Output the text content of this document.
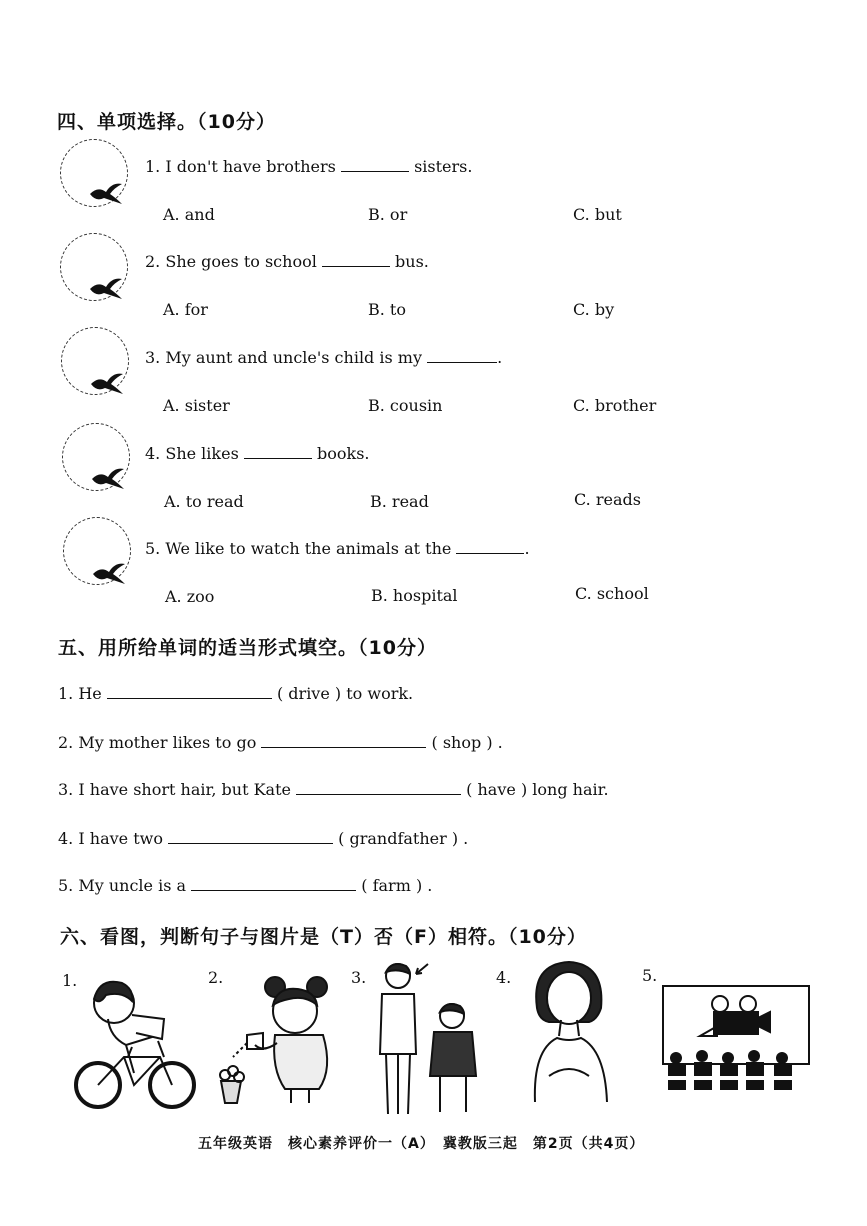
四、单项选择。（10分）
1. I don't have brothers	sisters.
A. and	B. or	C. but
2. She goes to school	bus.
A. for	B. to	C. by
3. My aunt and uncle's child is my	.
A. sister	B. cousin	C. brother
4. She likes	books.
A. to read	B. read	C. reads
5. We like to watch the animals at the	.
A. zoo	B. hospital	C. school
五、用所给单词的适当形式填空。（10分）
1. He	( drive ) to work.
2. My mother likes to go	( shop ) .
3. I have short hair, but Kate	( have ) long hair.
4. I have two	( grandfather ) .
5. My uncle is a	( farm ) .
六、看图，判断句子与图片是（T）否（F）相符。（10分）
1.	2.	3.	4.	5.
五年级英语　核心素养评价一（A）　冀教版三起　第2页（共4页）
